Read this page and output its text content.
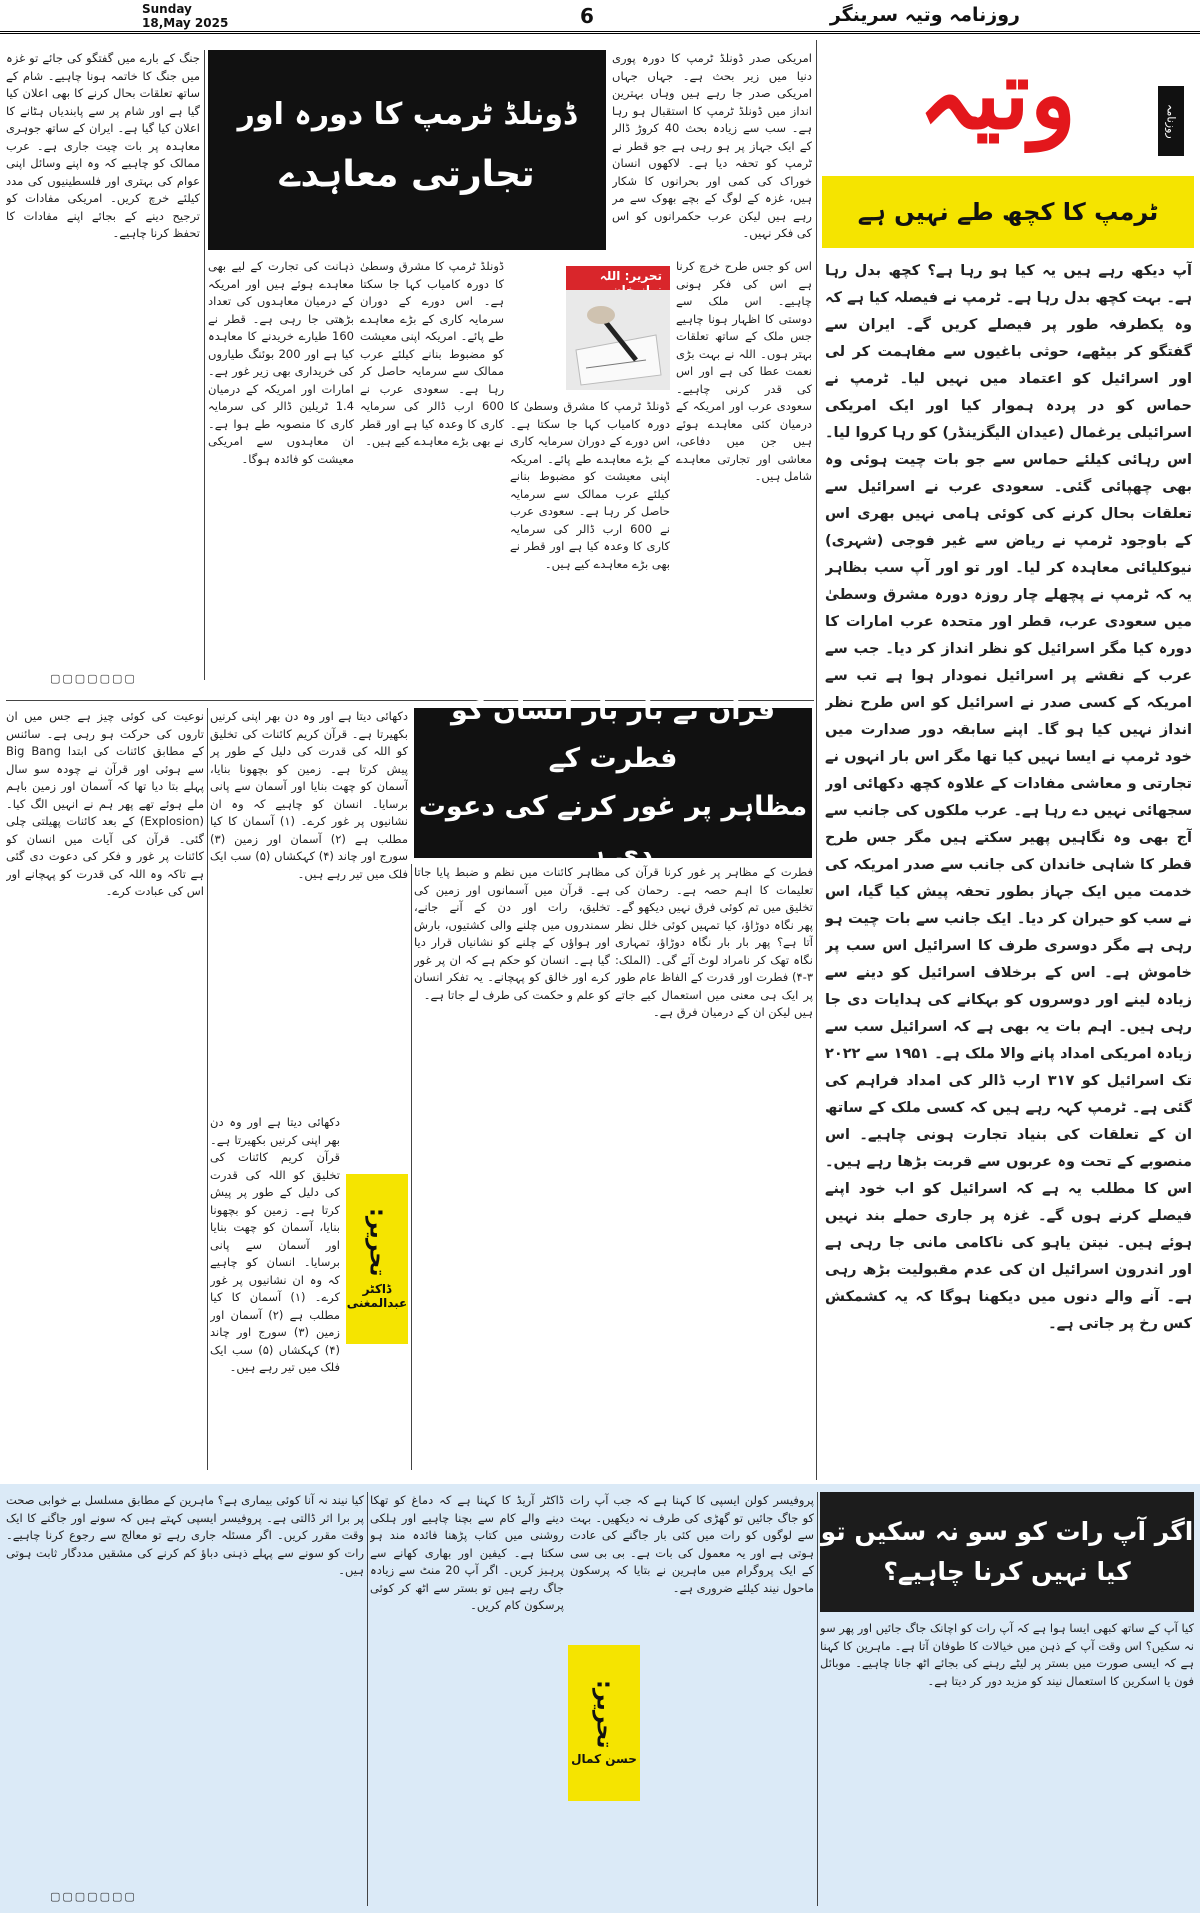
Sunday
18,May 2025	6	روزنامہ وتیہ سرینگر
وتیہ	روزنامہ
ٹرمپ کا کچھ طے نہیں ہے
آپ دیکھ رہے ہیں یہ کیا ہو رہا ہے؟ کچھ بدل رہا ہے۔ بہت کچھ بدل رہا ہے۔ ٹرمپ نے فیصلہ کیا ہے کہ وہ یکطرفہ طور پر فیصلے کریں گے۔ ایران سے گفتگو کر بیٹھے، حوثی باغیوں سے مفاہمت کر لی اور اسرائیل کو اعتماد میں نہیں لیا۔ ٹرمپ نے حماس کو در پردہ ہموار کیا اور ایک امریکی اسرائیلی یرغمال (عیدان الیگزینڈر) کو رہا کروا لیا۔ اس رہائی کیلئے حماس سے جو بات چیت ہوئی وہ بھی چھپائی گئی۔ سعودی عرب نے اسرائیل سے تعلقات بحال کرنے کی کوئی ہامی نہیں بھری اس کے باوجود ٹرمپ نے ریاض سے غیر فوجی (شہری) نیوکلیائی معاہدہ کر لیا۔ اور تو اور آپ سب بظاہر یہ کہ ٹرمپ نے پچھلے چار روزہ دورہ مشرق وسطیٰ میں سعودی عرب، قطر اور متحدہ عرب امارات کا دورہ کیا مگر اسرائیل کو نظر انداز کر دیا۔ جب سے عرب کے نقشے پر اسرائیل نمودار ہوا ہے تب سے امریکہ کے کسی صدر نے اسرائیل کو اس طرح نظر انداز نہیں کیا ہو گا۔ اپنے سابقہ دور صدارت میں خود ٹرمپ نے ایسا نہیں کیا تھا مگر اس بار انہوں نے تجارتی و معاشی مفادات کے علاوہ کچھ دکھائی اور سجھائی نہیں دے رہا ہے۔ عرب ملکوں کی جانب سے آج بھی وہ نگاہیں پھیر سکتے ہیں مگر جس طرح قطر کا شاہی خاندان کی جانب سے صدر امریکہ کی خدمت میں ایک جہاز بطور تحفہ پیش کیا گیا، اس نے سب کو حیران کر دیا۔ ایک جانب سے بات چیت ہو رہی ہے مگر دوسری طرف کا اسرائیل اس سب پر خاموش ہے۔ اس کے برخلاف اسرائیل کو دینے سے زیادہ لینے اور دوسروں کو بہکانے کی ہدایات دی جا رہی ہیں۔ اہم بات یہ بھی ہے کہ اسرائیل سب سے زیادہ امریکی امداد پانے والا ملک ہے۔ ۱۹۵۱ سے ۲۰۲۲ تک اسرائیل کو ۳۱۷ ارب ڈالر کی امداد فراہم کی گئی ہے۔ ٹرمپ کہہ رہے ہیں کہ کسی ملک کے ساتھ ان کے تعلقات کی بنیاد تجارت ہونی چاہیے۔ اس منصوبے کے تحت وہ عربوں سے قربت بڑھا رہے ہیں۔ اس کا مطلب یہ ہے کہ اسرائیل کو اب خود اپنے فیصلے کرنے ہوں گے۔ غزہ پر جاری حملے بند نہیں ہوئے ہیں۔ نیتن یاہو کی ناکامی مانی جا رہی ہے اور اندرون اسرائیل ان کی عدم مقبولیت بڑھ رہی ہے۔ آنے والے دنوں میں دیکھنا ہوگا کہ یہ کشمکش کس رخ پر جاتی ہے۔
ڈونلڈ ٹرمپ کا دورہ اور
تجارتی معاہدے
امریکی صدر ڈونلڈ ٹرمپ کا دورہ پوری دنیا میں زیر بحث ہے۔ جہاں جہاں امریکی صدر جا رہے ہیں وہاں بہترین انداز میں ڈونلڈ ٹرمپ کا استقبال ہو رہا ہے۔ سب سے زیادہ بحث 40 کروڑ ڈالر کے ایک جہاز پر ہو رہی ہے جو قطر نے ٹرمپ کو تحفہ دیا ہے۔ لاکھوں انسان خوراک کی کمی اور بحرانوں کا شکار ہیں، غزہ کے لوگ کے بچے بھوک سے مر رہے ہیں لیکن عرب حکمرانوں کو اس کی فکر نہیں۔
تحریر: اللہ
اس کو جس طرح خرچ کرنا ہے اس کی فکر ہونی چاہیے۔ اس ملک سے دوستی کا اظہار ہونا چاہیے جس ملک کے ساتھ تعلقات بہتر ہوں۔ اللہ نے بہت بڑی نعمت عطا کی ہے اور اس کی قدر کرنی چاہیے۔ سعودی عرب اور امریکہ کے درمیان کئی معاہدے ہوئے ہیں جن میں دفاعی، معاشی اور تجارتی معاہدے شامل ہیں۔
ڈونلڈ ٹرمپ کا مشرق وسطیٰ کا دورہ کامیاب کہا جا سکتا ہے۔ اس دورے کے دوران سرمایہ کاری کے بڑے معاہدے طے پائے۔ امریکہ اپنی معیشت کو مضبوط بنانے کیلئے عرب ممالک سے سرمایہ حاصل کر رہا ہے۔ سعودی عرب نے 600 ارب ڈالر کی سرمایہ کاری کا وعدہ کیا ہے اور قطر نے بھی بڑے معاہدے کیے ہیں۔
ڈونلڈ ٹرمپ کا مشرق وسطیٰ کا دورہ کامیاب کہا جا سکتا ہے۔ اس دورے کے دوران سرمایہ کاری کے بڑے معاہدے طے پائے۔ امریکہ اپنی معیشت کو مضبوط بنانے کیلئے عرب ممالک سے سرمایہ حاصل کر رہا ہے۔ سعودی عرب نے 600 ارب ڈالر کی سرمایہ کاری کا وعدہ کیا ہے اور قطر نے بھی بڑے معاہدے کیے ہیں۔
ذہانت کی تجارت کے لیے بھی معاہدے ہوئے ہیں اور امریکہ کے درمیان معاہدوں کی تعداد بڑھتی جا رہی ہے۔ قطر نے 160 طیارے خریدنے کا معاہدہ کیا ہے اور 200 بوئنگ طیاروں کی خریداری بھی زیر غور ہے۔ امارات اور امریکہ کے درمیان 1.4 ٹریلین ڈالر کی سرمایہ کاری کا منصوبہ طے ہوا ہے۔ ان معاہدوں سے امریکی معیشت کو فائدہ ہوگا۔
جنگ کے بارے میں گفتگو کی جائے تو غزہ میں جنگ کا خاتمہ ہونا چاہیے۔ شام کے ساتھ تعلقات بحال کرنے کا بھی اعلان کیا گیا ہے اور شام پر سے پابندیاں ہٹانے کا اعلان کیا گیا ہے۔ ایران کے ساتھ جوہری معاہدہ پر بات چیت جاری ہے۔ عرب ممالک کو چاہیے کہ وہ اپنے وسائل اپنی عوام کی بہتری اور فلسطینیوں کی مدد کیلئے خرچ کریں۔ امریکی مفادات کو ترجیح دینے کے بجائے اپنے مفادات کا تحفظ کرنا چاہیے۔
▢▢▢▢▢▢▢
قرآن نے بار بار انسان کو فطرت کے
مظاہر پر غور کرنے کی دعوت دی ہے
فطرت کے مظاہر پر غور کرنا قرآن کی تعلیمات کا اہم حصہ ہے۔ رحمان کی تخلیق میں تم کوئی فرق نہیں دیکھو گے۔ پھر نگاہ دوڑاؤ، کیا تمہیں کوئی خلل نظر آتا ہے؟ پھر بار بار نگاہ دوڑاؤ، تمہاری نگاہ تھک کر نامراد لوٹ آئے گی۔ (الملک: ۳-۴) فطرت اور قدرت کے الفاظ عام طور پر ایک ہی معنی میں استعمال کیے جاتے ہیں لیکن ان کے درمیان فرق ہے۔
مظاہر کائنات میں نظم و ضبط پایا جاتا ہے۔ قرآن میں آسمانوں اور زمین کی تخلیق، رات اور دن کے آنے جانے، سمندروں میں چلنے والی کشتیوں، بارش اور ہواؤں کے چلنے کو نشانیاں قرار دیا گیا ہے۔ انسان کو حکم ہے کہ ان پر غور کرے اور خالق کو پہچانے۔ یہ تفکر انسان کو علم و حکمت کی طرف لے جاتا ہے۔
دکھائی دیتا ہے اور وہ دن بھر اپنی کرنیں بکھیرتا ہے۔ قرآن کریم کائنات کی تخلیق کو اللہ کی قدرت کی دلیل کے طور پر پیش کرتا ہے۔ زمین کو بچھونا بنایا، آسمان کو چھت بنایا اور آسمان سے پانی برسایا۔ انسان کو چاہیے کہ وہ ان نشانیوں پر غور کرے۔ (۱) آسمان کا کیا مطلب ہے (۲) آسمان اور زمین (۳) سورج اور چاند (۴) کہکشاں (۵) سب ایک فلک میں تیر رہے ہیں۔
تحریر:
ڈاکٹر عبدالمغنی
دکھائی دیتا ہے اور وہ دن بھر اپنی کرنیں بکھیرتا ہے۔ قرآن کریم کائنات کی تخلیق کو اللہ کی قدرت کی دلیل کے طور پر پیش کرتا ہے۔ زمین کو بچھونا بنایا، آسمان کو چھت بنایا اور آسمان سے پانی برسایا۔ انسان کو چاہیے کہ وہ ان نشانیوں پر غور کرے۔ (۱) آسمان کا کیا مطلب ہے (۲) آسمان اور زمین (۳) سورج اور چاند (۴) کہکشاں (۵) سب ایک فلک میں تیر رہے ہیں۔
نوعیت کی کوئی چیز ہے جس میں ان تاروں کی حرکت ہو رہی ہے۔ سائنس کے مطابق کائنات کی ابتدا Big Bang سے ہوئی اور قرآن نے چودہ سو سال پہلے بتا دیا تھا کہ آسمان اور زمین باہم ملے ہوئے تھے پھر ہم نے انہیں الگ کیا۔ (Explosion) کے بعد کائنات پھیلتی چلی گئی۔ قرآن کی آیات میں انسان کو کائنات پر غور و فکر کی دعوت دی گئی ہے تاکہ وہ اللہ کی قدرت کو پہچانے اور اس کی عبادت کرے۔
اگر آپ رات کو سو نہ سکیں تو
کیا نہیں کرنا چاہیے؟
کیا آپ کے ساتھ کبھی ایسا ہوا ہے کہ آپ رات کو اچانک جاگ جائیں اور پھر سو نہ سکیں؟ اس وقت آپ کے ذہن میں خیالات کا طوفان آتا ہے۔ ماہرین کا کہنا ہے کہ ایسی صورت میں بستر پر لیٹے رہنے کی بجائے اٹھ جانا چاہیے۔ موبائل فون یا اسکرین کا استعمال نیند کو مزید دور کر دیتا ہے۔
پروفیسر کولن ایسپی کا کہنا ہے کہ جب آپ رات کو جاگ جائیں تو گھڑی کی طرف نہ دیکھیں۔ بہت سے لوگوں کو رات میں کئی بار جاگنے کی عادت ہوتی ہے اور یہ معمول کی بات ہے۔ بی بی سی کے ایک پروگرام میں ماہرین نے بتایا کہ پرسکون ماحول نیند کیلئے ضروری ہے۔
تحریر:
حسن کمال
ڈاکٹر آریڈ کا کہنا ہے کہ دماغ کو تھکا دینے والے کام سے بچنا چاہیے اور ہلکی روشنی میں کتاب پڑھنا فائدہ مند ہو سکتا ہے۔ کیفین اور بھاری کھانے سے پرہیز کریں۔ اگر آپ 20 منٹ سے زیادہ جاگ رہے ہیں تو بستر سے اٹھ کر کوئی پرسکون کام کریں۔
کیا نیند نہ آنا کوئی بیماری ہے؟ ماہرین کے مطابق مسلسل بے خوابی صحت پر برا اثر ڈالتی ہے۔ پروفیسر ایسپی کہتے ہیں کہ سونے اور جاگنے کا ایک وقت مقرر کریں۔ اگر مسئلہ جاری رہے تو معالج سے رجوع کرنا چاہیے۔ رات کو سونے سے پہلے ذہنی دباؤ کم کرنے کی مشقیں مددگار ثابت ہوتی ہیں۔
▢▢▢▢▢▢▢
